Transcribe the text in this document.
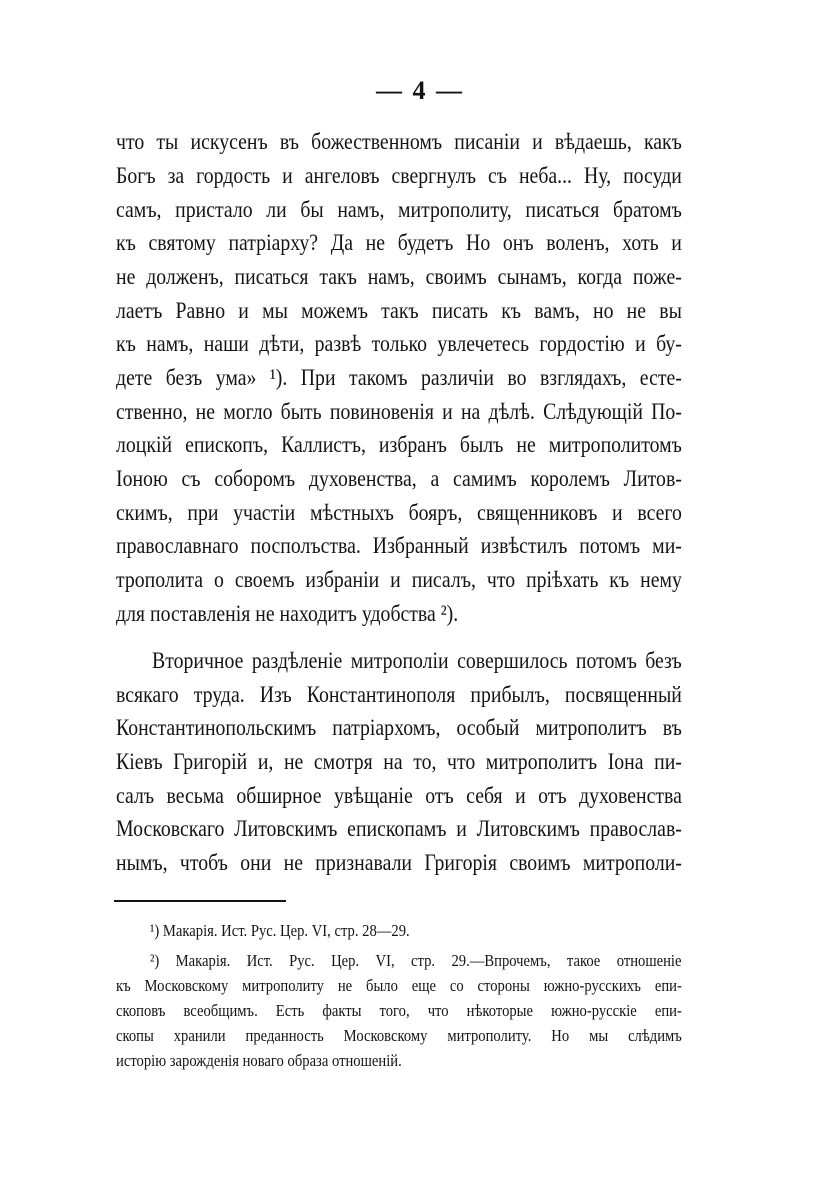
— 4 —

что ты искусенъ въ божественномъ писаніи и вѣдаешь, какъ

Богъ за гордость и ангеловъ свергнулъ съ неба... Ну, посуди

самъ, пристало ли бы намъ, митрополиту, писаться братомъ

къ святому патріарху? Да не будетъ Но онъ воленъ, хоть и

не долженъ, писаться такъ намъ, своимъ сынамъ, когда пожe-

лаетъ Равно и мы можемъ такъ писать къ вамъ, но не вы

къ намъ, наши дѣти, развѣ только увлечетесь гордостію и бу-

дете безъ ума» ¹). При такомъ различіи во взглядахъ, есте-

ственно, не могло быть повиновенія и на дѣлѣ. Слѣдующій По-

лоцкій епископъ, Каллистъ, избранъ былъ не митрополитомъ

Іоною съ соборомъ духовенства, а самимъ королемъ Литов-

скимъ, при участіи мѣстныхъ бояръ, священниковъ и всего

православнаго посполъства. Избранный извѣстилъ потомъ ми-

трополита о своемъ избраніи и писалъ, что пріѣхать къ нему

для поставленія не находитъ удобства ²).

Вторичное раздѣленіе митрополіи совершилось потомъ безъ

всякаго труда. Изъ Константинополя прибылъ, посвященный

Константинопольскимъ патріархомъ, особый митрополитъ въ

Кіевъ Григорій и, не смотря на то, что митрополитъ Іона пи-

салъ весьма обширное увѣщаніе отъ себя и отъ духовенства

Московскаго Литовскимъ епископамъ и Литовскимъ православ-

нымъ, чтобъ они не признавали Григорія своимъ митрополи-

¹) Макарія. Ист. Рус. Цер. VI, стр. 28—29.

²) Макарія. Ист. Рус. Цер. VI, стр. 29.—Впрочемъ, такое отношеніе

къ Московскому митрополиту не было еще со стороны южно-русскихъ епи-

скоповъ всеобщимъ. Есть факты того, что нѣкоторые южно-русскіе епи-

скопы хранили преданность Московскому митрополиту. Но мы слѣдимъ

исторію зарожденія новаго образа отношеній.
